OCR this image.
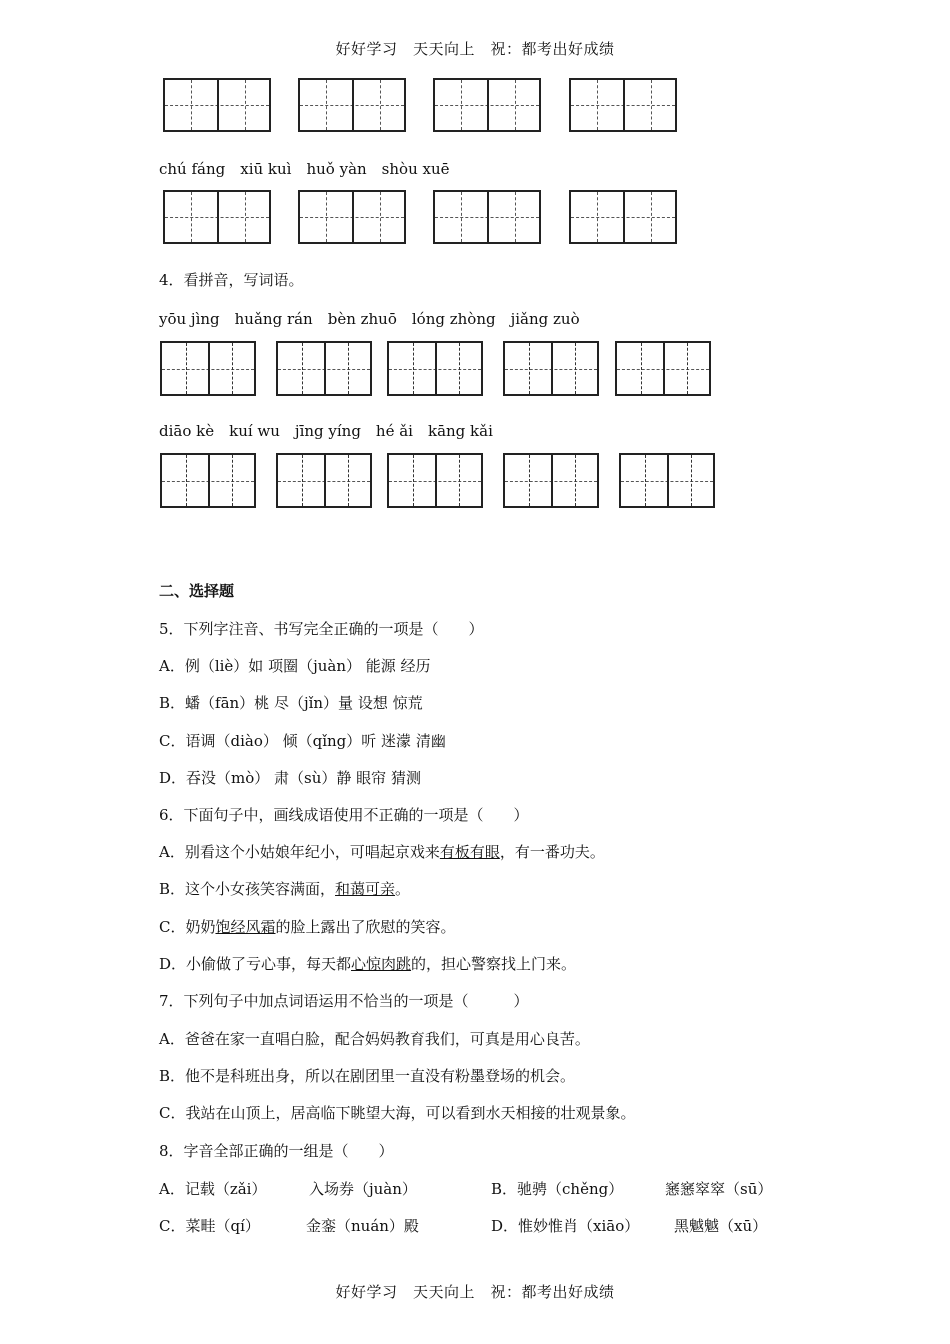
好好学习　天天向上　祝：都考出好成绩
chú fáng　xiū kuì　huǒ yàn　shòu xuē
4．看拼音，写词语。
yōu jìng　huǎng rán　bèn zhuō　lóng zhòng　jiǎng zuò
diāo kè　kuí wu　jīng yíng　hé ǎi　kāng kǎi
二、选择题
5．下列字注音、书写完全正确的一项是（　　）
A．例（liè）如 项圈（juàn） 能源 经历
B．蟠（fān）桃 尽（jǐn）量 设想 惊荒
C．语调（diào） 倾（qǐng）听 迷濛 清幽
D．吞没（mò） 肃（sù）静 眼帘 猜测
6．下面句子中，画线成语使用不正确的一项是（　　）
A．别看这个小姑娘年纪小，可唱起京戏来有板有眼，有一番功夫。
B．这个小女孩笑容满面，和蔼可亲。
C．奶奶饱经风霜的脸上露出了欣慰的笑容。
D．小偷做了亏心事，每天都心惊肉跳的，担心警察找上门来。
7．下列句子中加点词语运用不恰当的一项是（　　　）
A．爸爸在家一直唱白脸，配合妈妈教育我们，可真是用心良苦。
B．他不是科班出身，所以在剧团里一直没有粉墨登场的机会。
C．我站在山顶上，居高临下眺望大海，可以看到水天相接的壮观景象。
8．字音全部正确的一组是（　　）
A．记载（zǎi）	入场券（juàn）	B．驰骋（chěng）	窸窸窣窣（sū）
C．菜畦（qí）	金銮（nuán）殿	D．惟妙惟肖（xiāo） 黑魆魆（xū）
好好学习　天天向上　祝：都考出好成绩
